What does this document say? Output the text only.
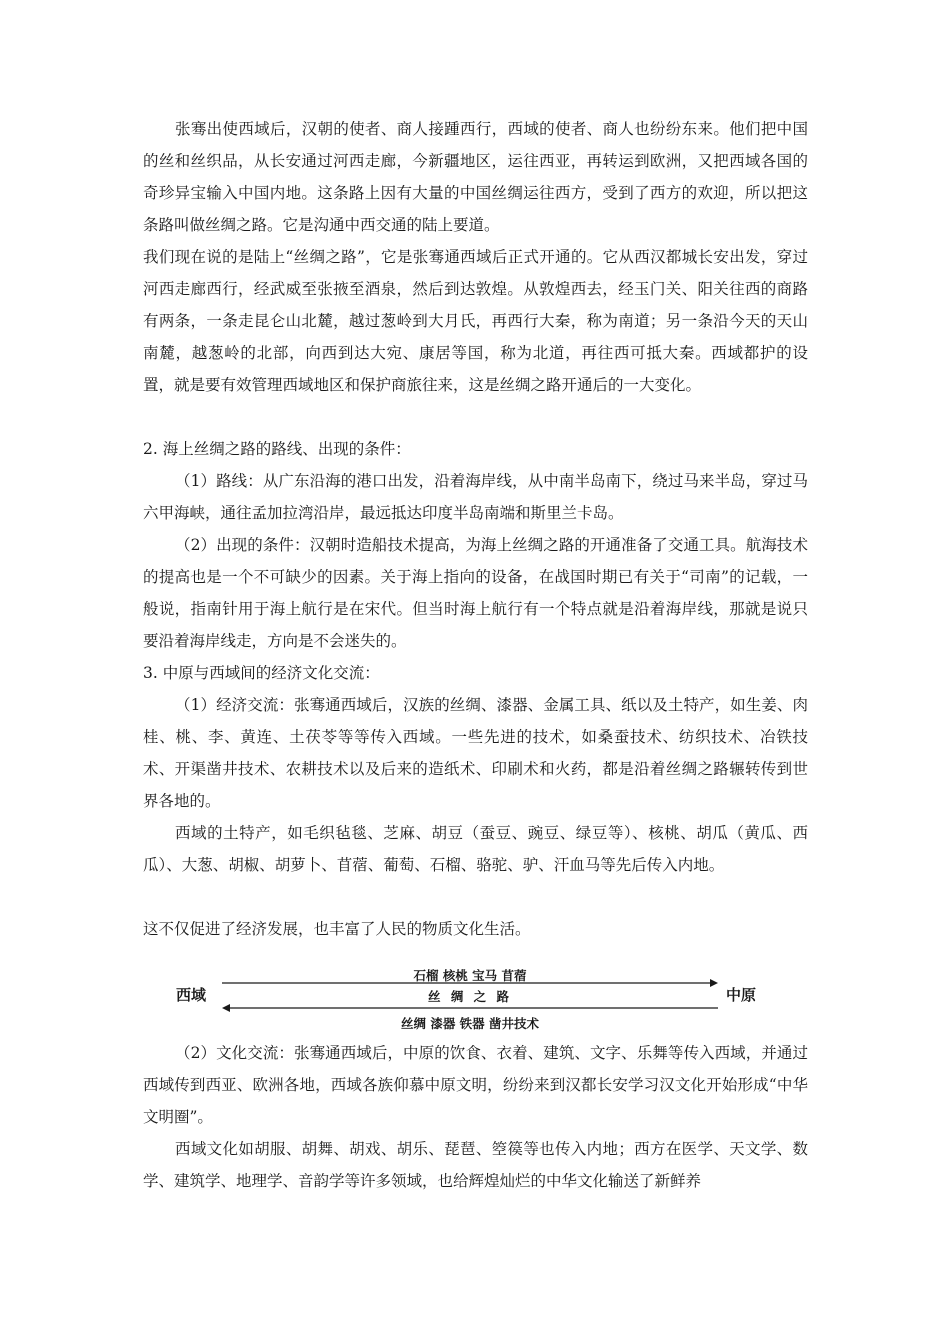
张骞出使西域后，汉朝的使者、商人接踵西行，西域的使者、商人也纷纷东来。他们把中国的丝和丝织品，从长安通过河西走廊，今新疆地区，运往西亚，再转运到欧洲，又把西域各国的奇珍异宝输入中国内地。这条路上因有大量的中国丝绸运往西方，受到了西方的欢迎，所以把这条路叫做丝绸之路。它是沟通中西交通的陆上要道。

我们现在说的是陆上“丝绸之路”，它是张骞通西域后正式开通的。它从西汉都城长安出发，穿过河西走廊西行，经武威至张掖至酒泉，然后到达敦煌。从敦煌西去，经玉门关、阳关往西的商路有两条，一条走昆仑山北麓，越过葱岭到大月氏，再西行大秦，称为南道；另一条沿今天的天山南麓，越葱岭的北部，向西到达大宛、康居等国，称为北道，再往西可抵大秦。西域都护的设置，就是要有效管理西域地区和保护商旅往来，这是丝绸之路开通后的一大变化。

2. 海上丝绸之路的路线、出现的条件：

（1）路线：从广东沿海的港口出发，沿着海岸线，从中南半岛南下，绕过马来半岛，穿过马六甲海峡，通往孟加拉湾沿岸，最远抵达印度半岛南端和斯里兰卡岛。

（2）出现的条件：汉朝时造船技术提高，为海上丝绸之路的开通准备了交通工具。航海技术的提高也是一个不可缺少的因素。关于海上指向的设备，在战国时期已有关于“司南”的记载，一般说，指南针用于海上航行是在宋代。但当时海上航行有一个特点就是沿着海岸线，那就是说只要沿着海岸线走，方向是不会迷失的。

3. 中原与西域间的经济文化交流：

（1）经济交流：张骞通西域后，汉族的丝绸、漆器、金属工具、纸以及土特产，如生姜、肉桂、桃、李、黄连、土茯苓等等传入西域。一些先进的技术，如桑蚕技术、纺织技术、冶铁技术、开渠凿井技术、农耕技术以及后来的造纸术、印刷术和火药，都是沿着丝绸之路辗转传到世界各地的。

西域的土特产，如毛织毡毯、芝麻、胡豆（蚕豆、豌豆、绿豆等）、核桃、胡瓜（黄瓜、西瓜）、大葱、胡椒、胡萝卜、苜蓿、葡萄、石榴、骆驼、驴、汗血马等先后传入内地。

这不仅促进了经济发展，也丰富了人民的物质文化生活。

西域	中原
石榴 核桃 宝马 苜蓿
丝 绸 之 路
丝绸 漆器 铁器 凿井技术

（2）文化交流：张骞通西域后，中原的饮食、衣着、建筑、文字、乐舞等传入西域，并通过西域传到西亚、欧洲各地，西域各族仰慕中原文明，纷纷来到汉都长安学习汉文化开始形成“中华文明圈”。

西域文化如胡服、胡舞、胡戏、胡乐、琵琶、箜篌等也传入内地；西方在医学、天文学、数学、建筑学、地理学、音韵学等许多领域，也给辉煌灿烂的中华文化输送了新鲜养
